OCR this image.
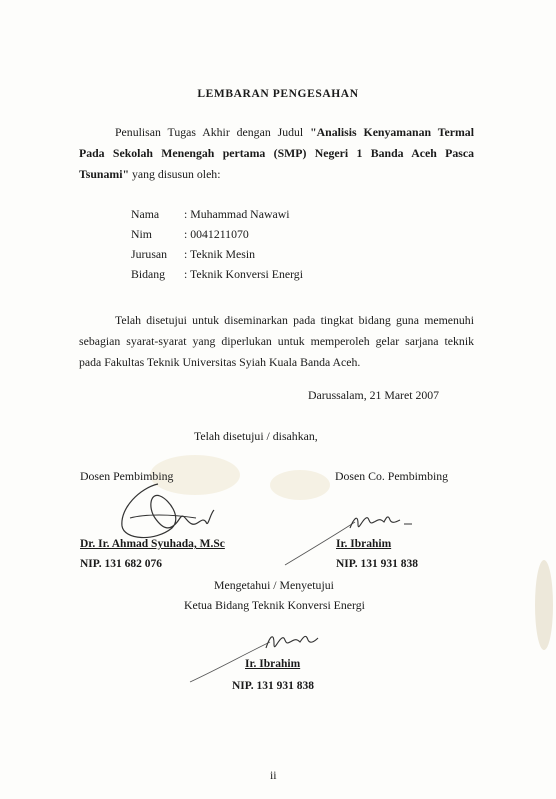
LEMBARAN PENGESAHAN
Penulisan Tugas Akhir dengan Judul "Analisis Kenyamanan Termal Pada Sekolah Menengah pertama (SMP) Negeri 1 Banda Aceh Pasca Tsunami" yang disusun oleh:
Nama : Muhammad Nawawi
Nim	: 0041211070
Jurusan : Teknik Mesin
Bidang : Teknik Konversi Energi
Telah disetujui untuk diseminarkan pada tingkat bidang guna memenuhi sebagian syarat-syarat yang diperlukan untuk memperoleh gelar sarjana teknik pada Fakultas Teknik Universitas Syiah Kuala Banda Aceh.
Darussalam, 21 Maret 2007
Telah disetujui / disahkan,
Dosen Pembimbing	Dosen Co. Pembimbing
Dr. Ir. Ahmad Syuhada, M.Sc	Ir. Ibrahim
NIP. 131 682 076	NIP. 131 931 838
Mengetahui / Menyetujui
Ketua Bidang Teknik Konversi Energi
Ir. Ibrahim
NIP. 131 931 838
ii
